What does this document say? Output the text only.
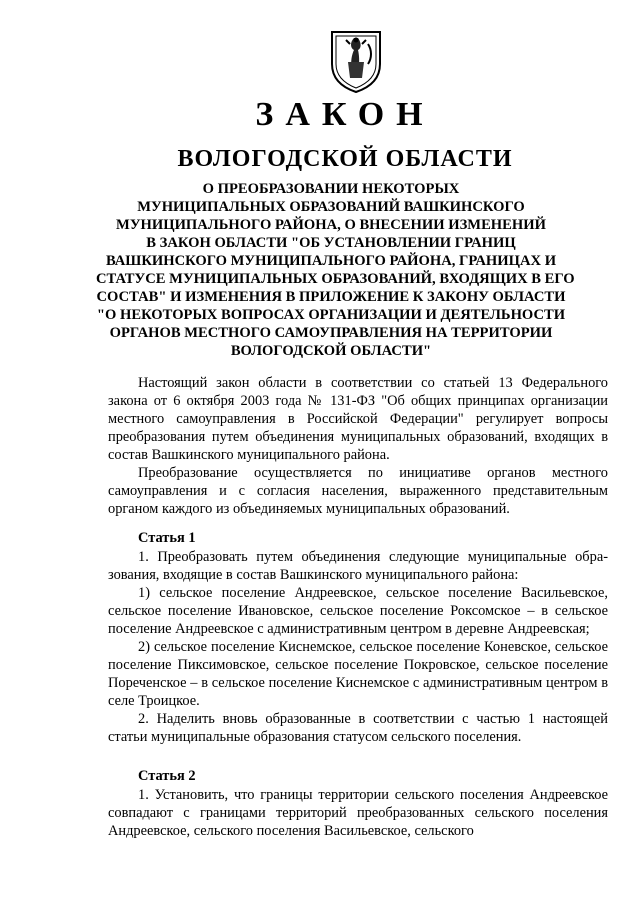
ЗАКОН
ВОЛОГОДСКОЙ ОБЛАСТИ
О ПРЕОБРАЗОВАНИИ НЕКОТОРЫХ
МУНИЦИПАЛЬНЫХ ОБРАЗОВАНИЙ ВАШКИНСКОГО
МУНИЦИПАЛЬНОГО РАЙОНА, О ВНЕСЕНИИ ИЗМЕНЕНИЙ
В ЗАКОН ОБЛАСТИ "ОБ УСТАНОВЛЕНИИ ГРАНИЦ
ВАШКИНСКОГО МУНИЦИПАЛЬНОГО РАЙОНА, ГРАНИЦАХ И
СТАТУСЕ МУНИЦИПАЛЬНЫХ ОБРАЗОВАНИЙ, ВХОДЯЩИХ В ЕГО
СОСТАВ" И ИЗМЕНЕНИЯ В ПРИЛОЖЕНИЕ К ЗАКОНУ ОБЛАСТИ
"О НЕКОТОРЫХ ВОПРОСАХ ОРГАНИЗАЦИИ И ДЕЯТЕЛЬНОСТИ
ОРГАНОВ МЕСТНОГО САМОУПРАВЛЕНИЯ НА ТЕРРИТОРИИ
ВОЛОГОДСКОЙ ОБЛАСТИ"

Настоящий закон области в соответствии со статьей 13 Федерального закона от 6 октября 2003 года № 131-ФЗ "Об общих принципах организации местного самоуправления в Российской Федерации" регулирует вопросы преобразования путем объединения муниципальных образований, входящих в состав Вашкинского муниципального района.

Преобразование осуществляется по инициативе органов местного самоуправления и с согласия населения, выраженного представительным органом каждого из объединяемых муниципальных образований.

Статья 1

1. Преобразовать путем объединения следующие муниципальные обра-зования, входящие в состав Вашкинского муниципального района:

1) сельское поселение Андреевское, сельское поселение Васильевское, сельское поселение Ивановское, сельское поселение Роксомское – в сельское поселение Андреевское с административным центром в деревне Андреевская;

2) сельское поселение Киснемское, сельское поселение Коневское, сельское поселение Пиксимовское, сельское поселение Покровское, сельское поселение Пореченское – в сельское поселение Киснемское с административным центром в селе Троицкое.

2. Наделить вновь образованные в соответствии с частью 1 настоящей статьи муниципальные образования статусом сельского поселения.

Статья 2

1. Установить, что границы территории сельского поселения Андреевское совпадают с границами территорий преобразованных сельского поселения Андреевское, сельского поселения Васильевское, сельского
